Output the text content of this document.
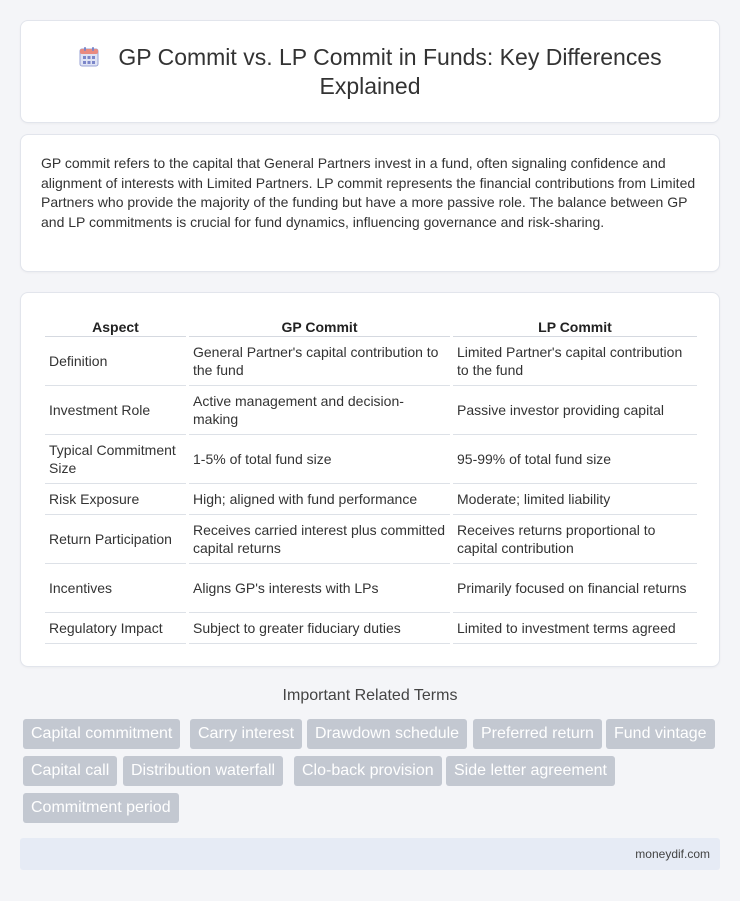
GP Commit vs. LP Commit in Funds: Key Differences Explained

GP commit refers to the capital that General Partners invest in a fund, often signaling confidence and alignment of interests with Limited Partners. LP commit represents the financial contributions from Limited Partners who provide the majority of the funding but have a more passive role. The balance between GP and LP commitments is crucial for fund dynamics, influencing governance and risk-sharing.

Aspect	GP Commit	LP Commit
Definition	General Partner's capital contribution to the fund	Limited Partner's capital contribution to the fund
Investment Role	Active management and decision-making	Passive investor providing capital
Typical Commitment Size	1-5% of total fund size	95-99% of total fund size
Risk Exposure	High; aligned with fund performance	Moderate; limited liability
Return Participation	Receives carried interest plus committed capital returns	Receives returns proportional to capital contribution
Incentives	Aligns GP's interests with LPs	Primarily focused on financial returns
Regulatory Impact	Subject to greater fiduciary duties	Limited to investment terms agreed
Important Related Terms
Capital commitment	Carry interest	Drawdown schedule	Preferred return	Fund vintage
Capital call	Distribution waterfall	Clo-back provision	Side letter agreement
Commitment period
moneydif.com
